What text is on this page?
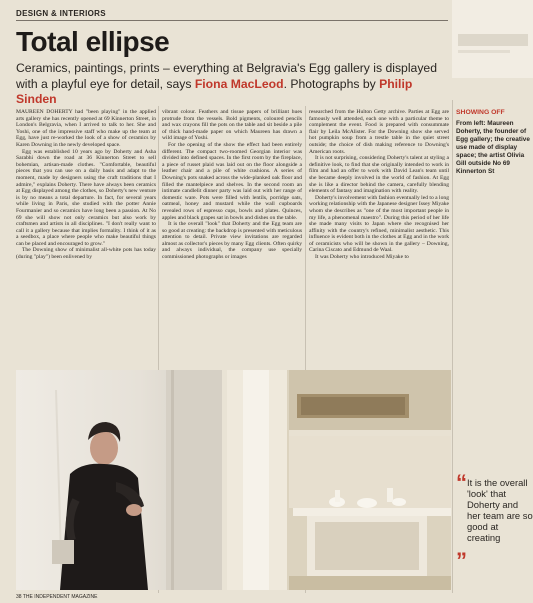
DESIGN & INTERIORS
Total ellipse
Ceramics, paintings, prints – everything at Belgravia's Egg gallery is displayed with a playful eye for detail, says Fiona MacLeod. Photographs by Philip Sinden

MAUREEN DOHERTY had "been playing" in the applied arts gallery she has recently opened at 69 Kinnerton Street, in London's Belgravia, when I arrived to talk to her. She and Yoshi, one of the impressive staff who make up the team at Egg, have just re-worked the look of a show of ceramics by Karen Downing in the newly developed space.

Egg was established 10 years ago by Doherty and Asha Sarabhi down the road at 36 Kinnerton Street to sell bohemian, artisan-made clothes. "Comfortable, beautiful pieces that you can use on a daily basis and adapt to the moment, made by designers using the craft traditions that I admire," explains Doherty. There have always been ceramics at Egg displayed among the clothes, so Doherty's new venture is by no means a total departure. In fact, for several years while living in Paris, she studied with the potter Annie Fourmanier and so ceramics have long been a passion. At No 69 she will show not only ceramics but also work by craftsmen and artists in all disciplines. "I don't really want to call it a gallery because that implies formality. I think of it as a seedbox, a place where people who make beautiful things can be placed and encouraged to grow."

The Downing show of minimalist all-white pots has today (during "play") been enlivened by

vibrant colour. Feathers and tissue papers of brilliant hues protrude from the vessels. Bold pigments, coloured pencils and wax crayons fill the pots on the table and sit beside a pile of thick hand-made paper on which Maureen has drawn a wild image of Yoshi.

For the opening of the show the effect had been entirely different. The compact two-roomed Georgian interior was divided into defined spaces. In the first room by the fireplace, a piece of russet plaid was laid out on the floor alongside a leather chair and a pile of white cushions. A series of Downing's pots snaked across the wide-planked oak floor and filled the mantelpiece and shelves. In the second room an intimate candlelit dinner party was laid out with her range of domestic ware. Pots were filled with lentils, porridge oats, oatmeal, honey and mustard while the wall cupboards revealed rows of espresso cups, bowls and plates. Quinces, apples and black grapes sat in bowls and dishes on the table.

It is the overall "look" that Doherty and the Egg team are so good at creating: the backdrop is presented with meticulous attention to detail. Private view invitations are regarded almost as collector's pieces by many Egg clients. Often quirky and always individual, the company use specially commissioned photographs or images

researched from the Hulton Getty archive. Parties at Egg are famously well attended, each one with a particular theme to complement the event. Food is prepared with consummate flair by Leila McAlister. For the Downing show she served hot pumpkin soup from a trestle table in the quiet street outside; the choice of dish making reference to Downing's American roots.

It is not surprising, considering Doherty's talent at styling a definitive look, to find that she originally intended to work in film and had an offer to work with David Lean's team until she became deeply involved in the world of fashion. At Egg she is like a director behind the camera, carefully blending elements of fantasy and imagination with reality.

Doherty's involvement with fashion eventually led to a long working relationship with the Japanese designer Issey Miyake whom she describes as "one of the most important people in my life, a phenomenal maestro". During this period of her life she made many visits to Japan where she recognised her affinity with the country's refined, minimalist aesthetic. This influence is evident both in the clothes at Egg and in the work of ceramicists who will be shown in the gallery – Downing, Carina Ciscato and Edmund de Waal.

It was Doherty who introduced Miyake to

SHOWING OFF
From left: Maureen Doherty, the founder of Egg gallery; the creative use made of display space; the artist Olivia Gill outside No 69 Kinnerton St
“ It is the overall 'look' that Doherty and her team are so good at creating
”
38 THE INDEPENDENT MAGAZINE
